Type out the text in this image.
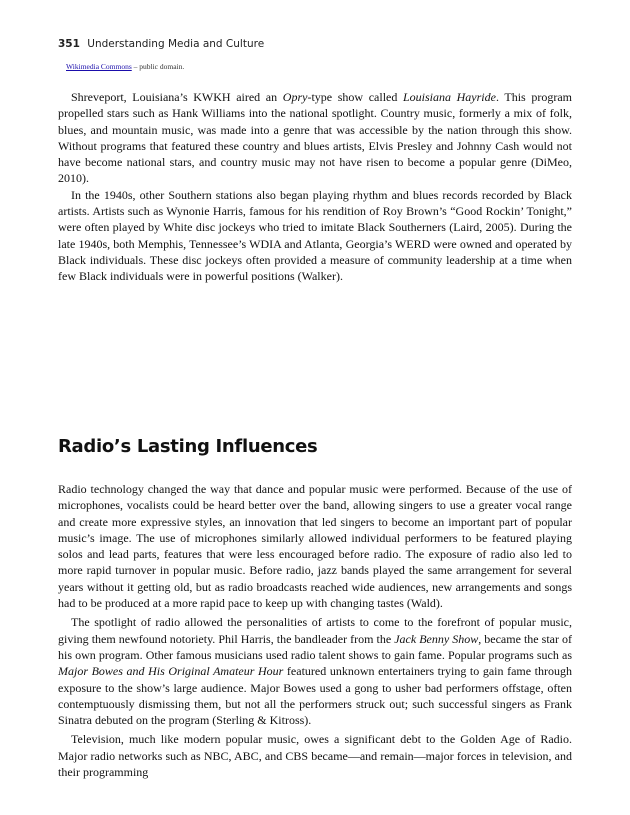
351 Understanding Media and Culture
Wikimedia Commons – public domain.

Shreveport, Louisiana’s KWKH aired an Opry-type show called Louisiana Hayride. This program propelled stars such as Hank Williams into the national spotlight. Country music, formerly a mix of folk, blues, and mountain music, was made into a genre that was accessible by the nation through this show. Without programs that featured these country and blues artists, Elvis Presley and Johnny Cash would not have become national stars, and country music may not have risen to become a popular genre (DiMeo, 2010).

In the 1940s, other Southern stations also began playing rhythm and blues records recorded by Black artists. Artists such as Wynonie Harris, famous for his rendition of Roy Brown’s “Good Rockin’ Tonight,” were often played by White disc jockeys who tried to imitate Black Southerners (Laird, 2005). During the late 1940s, both Memphis, Tennessee’s WDIA and Atlanta, Georgia’s WERD were owned and operated by Black individuals. These disc jockeys often provided a measure of community leadership at a time when few Black individuals were in powerful positions (Walker).

Radio’s Lasting Influences

Radio technology changed the way that dance and popular music were performed. Because of the use of microphones, vocalists could be heard better over the band, allowing singers to use a greater vocal range and create more expressive styles, an innovation that led singers to become an important part of popular music’s image. The use of microphones similarly allowed individual performers to be featured playing solos and lead parts, features that were less encouraged before radio. The exposure of radio also led to more rapid turnover in popular music. Before radio, jazz bands played the same arrangement for several years without it getting old, but as radio broadcasts reached wide audiences, new arrangements and songs had to be produced at a more rapid pace to keep up with changing tastes (Wald).

The spotlight of radio allowed the personalities of artists to come to the forefront of popular music, giving them newfound notoriety. Phil Harris, the bandleader from the Jack Benny Show, became the star of his own program. Other famous musicians used radio talent shows to gain fame. Popular programs such as Major Bowes and His Original Amateur Hour featured unknown entertainers trying to gain fame through exposure to the show’s large audience. Major Bowes used a gong to usher bad performers offstage, often contemptuously dismissing them, but not all the performers struck out; such successful singers as Frank Sinatra debuted on the program (Sterling & Kitross).

Television, much like modern popular music, owes a significant debt to the Golden Age of Radio. Major radio networks such as NBC, ABC, and CBS became—and remain—major forces in television, and their programming
